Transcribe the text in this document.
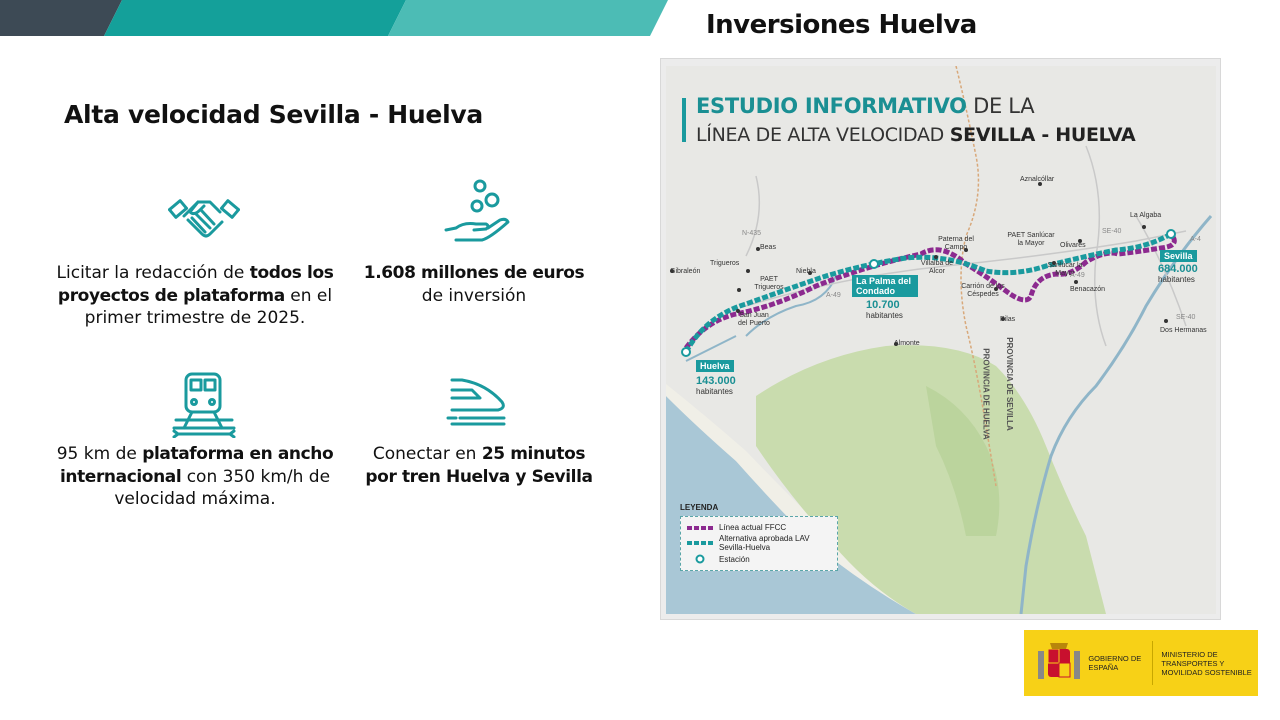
Inversiones Huelva
Alta velocidad Sevilla - Huelva
Licitar la redacción de todos los proyectos de plataforma en el primer trimestre de 2025.
1.608 millones de euros de inversión
95 km de plataforma en ancho internacional con 350 km/h de velocidad máxima.
Conectar en 25 minutos por tren Huelva y Sevilla
ESTUDIO INFORMATIVO DE LA
LÍNEA DE ALTA VELOCIDAD SEVILLA - HUELVA
Huelva
143.000
habitantes
La Palma del Condado
10.700
habitantes
Sevilla
684.000
habitantes
Gibraleón
Trigueros
Beas
PAET Trigueros
Niebla
San Juan del Puerto
Almonte
Villalba de Alcor
Paterna del Campo
Carrión de los Céspedes
Pilas
Aznalcóllar
PAET Sanlúcar la Mayor
Sanlúcar la Mayor
Olivares
Benacazón
La Algaba
Dos Hermanas
A-49
SE-40
A-4
N-435
A-49
SE-40
PROVINCIA DE HUELVA PROVINCIA DE SEVILLA
LEYENDA
Línea actual FFCC
Alternativa aprobada LAV Sevilla-Huelva
Estación
GOBIERNO DE ESPAÑA
MINISTERIO DE TRANSPORTES Y MOVILIDAD SOSTENIBLE
